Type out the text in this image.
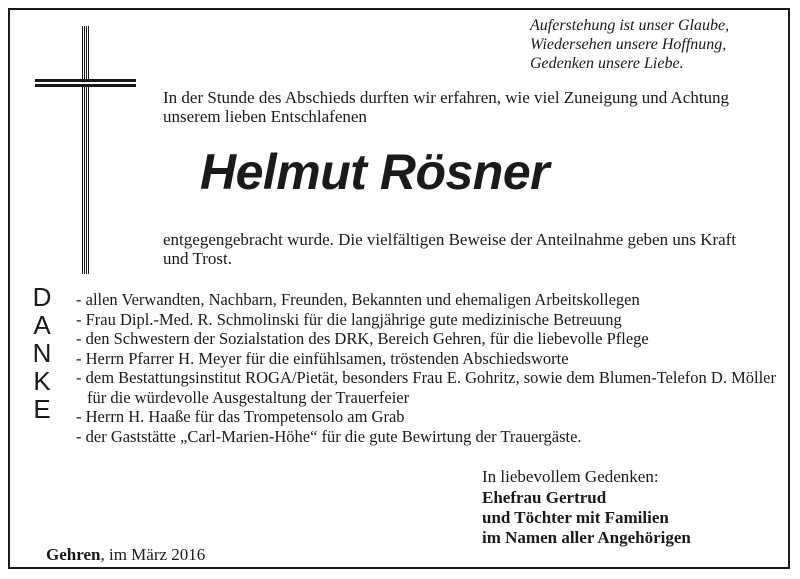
Auferstehung ist unser Glaube,
Wiedersehen unsere Hoffnung,
Gedenken unsere Liebe.
In der Stunde des Abschieds durften wir erfahren, wie viel Zuneigung und Achtung unserem lieben Entschlafenen
Helmut Rösner
entgegengebracht wurde. Die vielfältigen Beweise der Anteilnahme geben uns Kraft und Trost.
D
A
N
K
E
- allen Verwandten, Nachbarn, Freunden, Bekannten und ehemaligen Arbeitskollegen
- Frau Dipl.-Med. R. Schmolinski für die langjährige gute medizinische Betreuung
- den Schwestern der Sozialstation des DRK, Bereich Gehren, für die liebevolle Pflege
- Herrn Pfarrer H. Meyer für die einfühlsamen, tröstenden Abschiedsworte
- dem Bestattungsinstitut ROGA/Pietät, besonders Frau E. Gohritz, sowie dem Blumen-Telefon D. Möller für die würdevolle Ausgestaltung der Trauerfeier
- Herrn H. Haaße für das Trompetensolo am Grab
- der Gaststätte „Carl-Marien-Höhe“ für die gute Bewirtung der Trauergäste.
In liebevollem Gedenken:
Ehefrau Gertrud
und Töchter mit Familien
im Namen aller Angehörigen
Gehren, im März 2016
